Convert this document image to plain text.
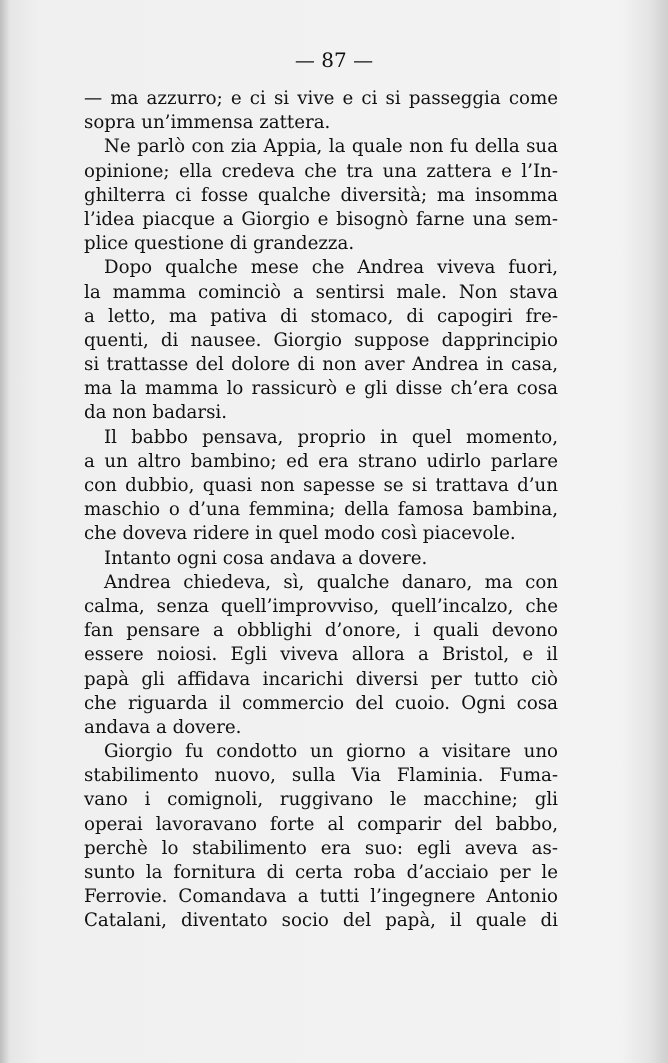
— 87 —
— ma azzurro; e ci si vive e ci si passeggia come
sopra un’immensa zattera.
Ne parlò con zia Appia, la quale non fu della sua
opinione; ella credeva che tra una zattera e l’In-
ghilterra ci fosse qualche diversità; ma insomma
l’idea piacque a Giorgio e bisognò farne una sem-
plice questione di grandezza.
Dopo qualche mese che Andrea viveva fuori,
la mamma cominciò a sentirsi male. Non stava
a letto, ma pativa di stomaco, di capogiri fre-
quenti, di nausee. Giorgio suppose dapprincipio
si trattasse del dolore di non aver Andrea in casa,
ma la mamma lo rassicurò e gli disse ch’era cosa
da non badarsi.
Il babbo pensava, proprio in quel momento,
a un altro bambino; ed era strano udirlo parlare
con dubbio, quasi non sapesse se si trattava d’un
maschio o d’una femmina; della famosa bambina,
che doveva ridere in quel modo così piacevole.
Intanto ogni cosa andava a dovere.
Andrea chiedeva, sì, qualche danaro, ma con
calma, senza quell’improvviso, quell’incalzo, che
fan pensare a obblighi d’onore, i quali devono
essere noiosi. Egli viveva allora a Bristol, e il
papà gli affidava incarichi diversi per tutto ciò
che riguarda il commercio del cuoio. Ogni cosa
andava a dovere.
Giorgio fu condotto un giorno a visitare uno
stabilimento nuovo, sulla Via Flaminia. Fuma-
vano i comignoli, ruggivano le macchine; gli
operai lavoravano forte al comparir del babbo,
perchè lo stabilimento era suo: egli aveva as-
sunto la fornitura di certa roba d’acciaio per le
Ferrovie. Comandava a tutti l’ingegnere Antonio
Catalani, diventato socio del papà, il quale di
